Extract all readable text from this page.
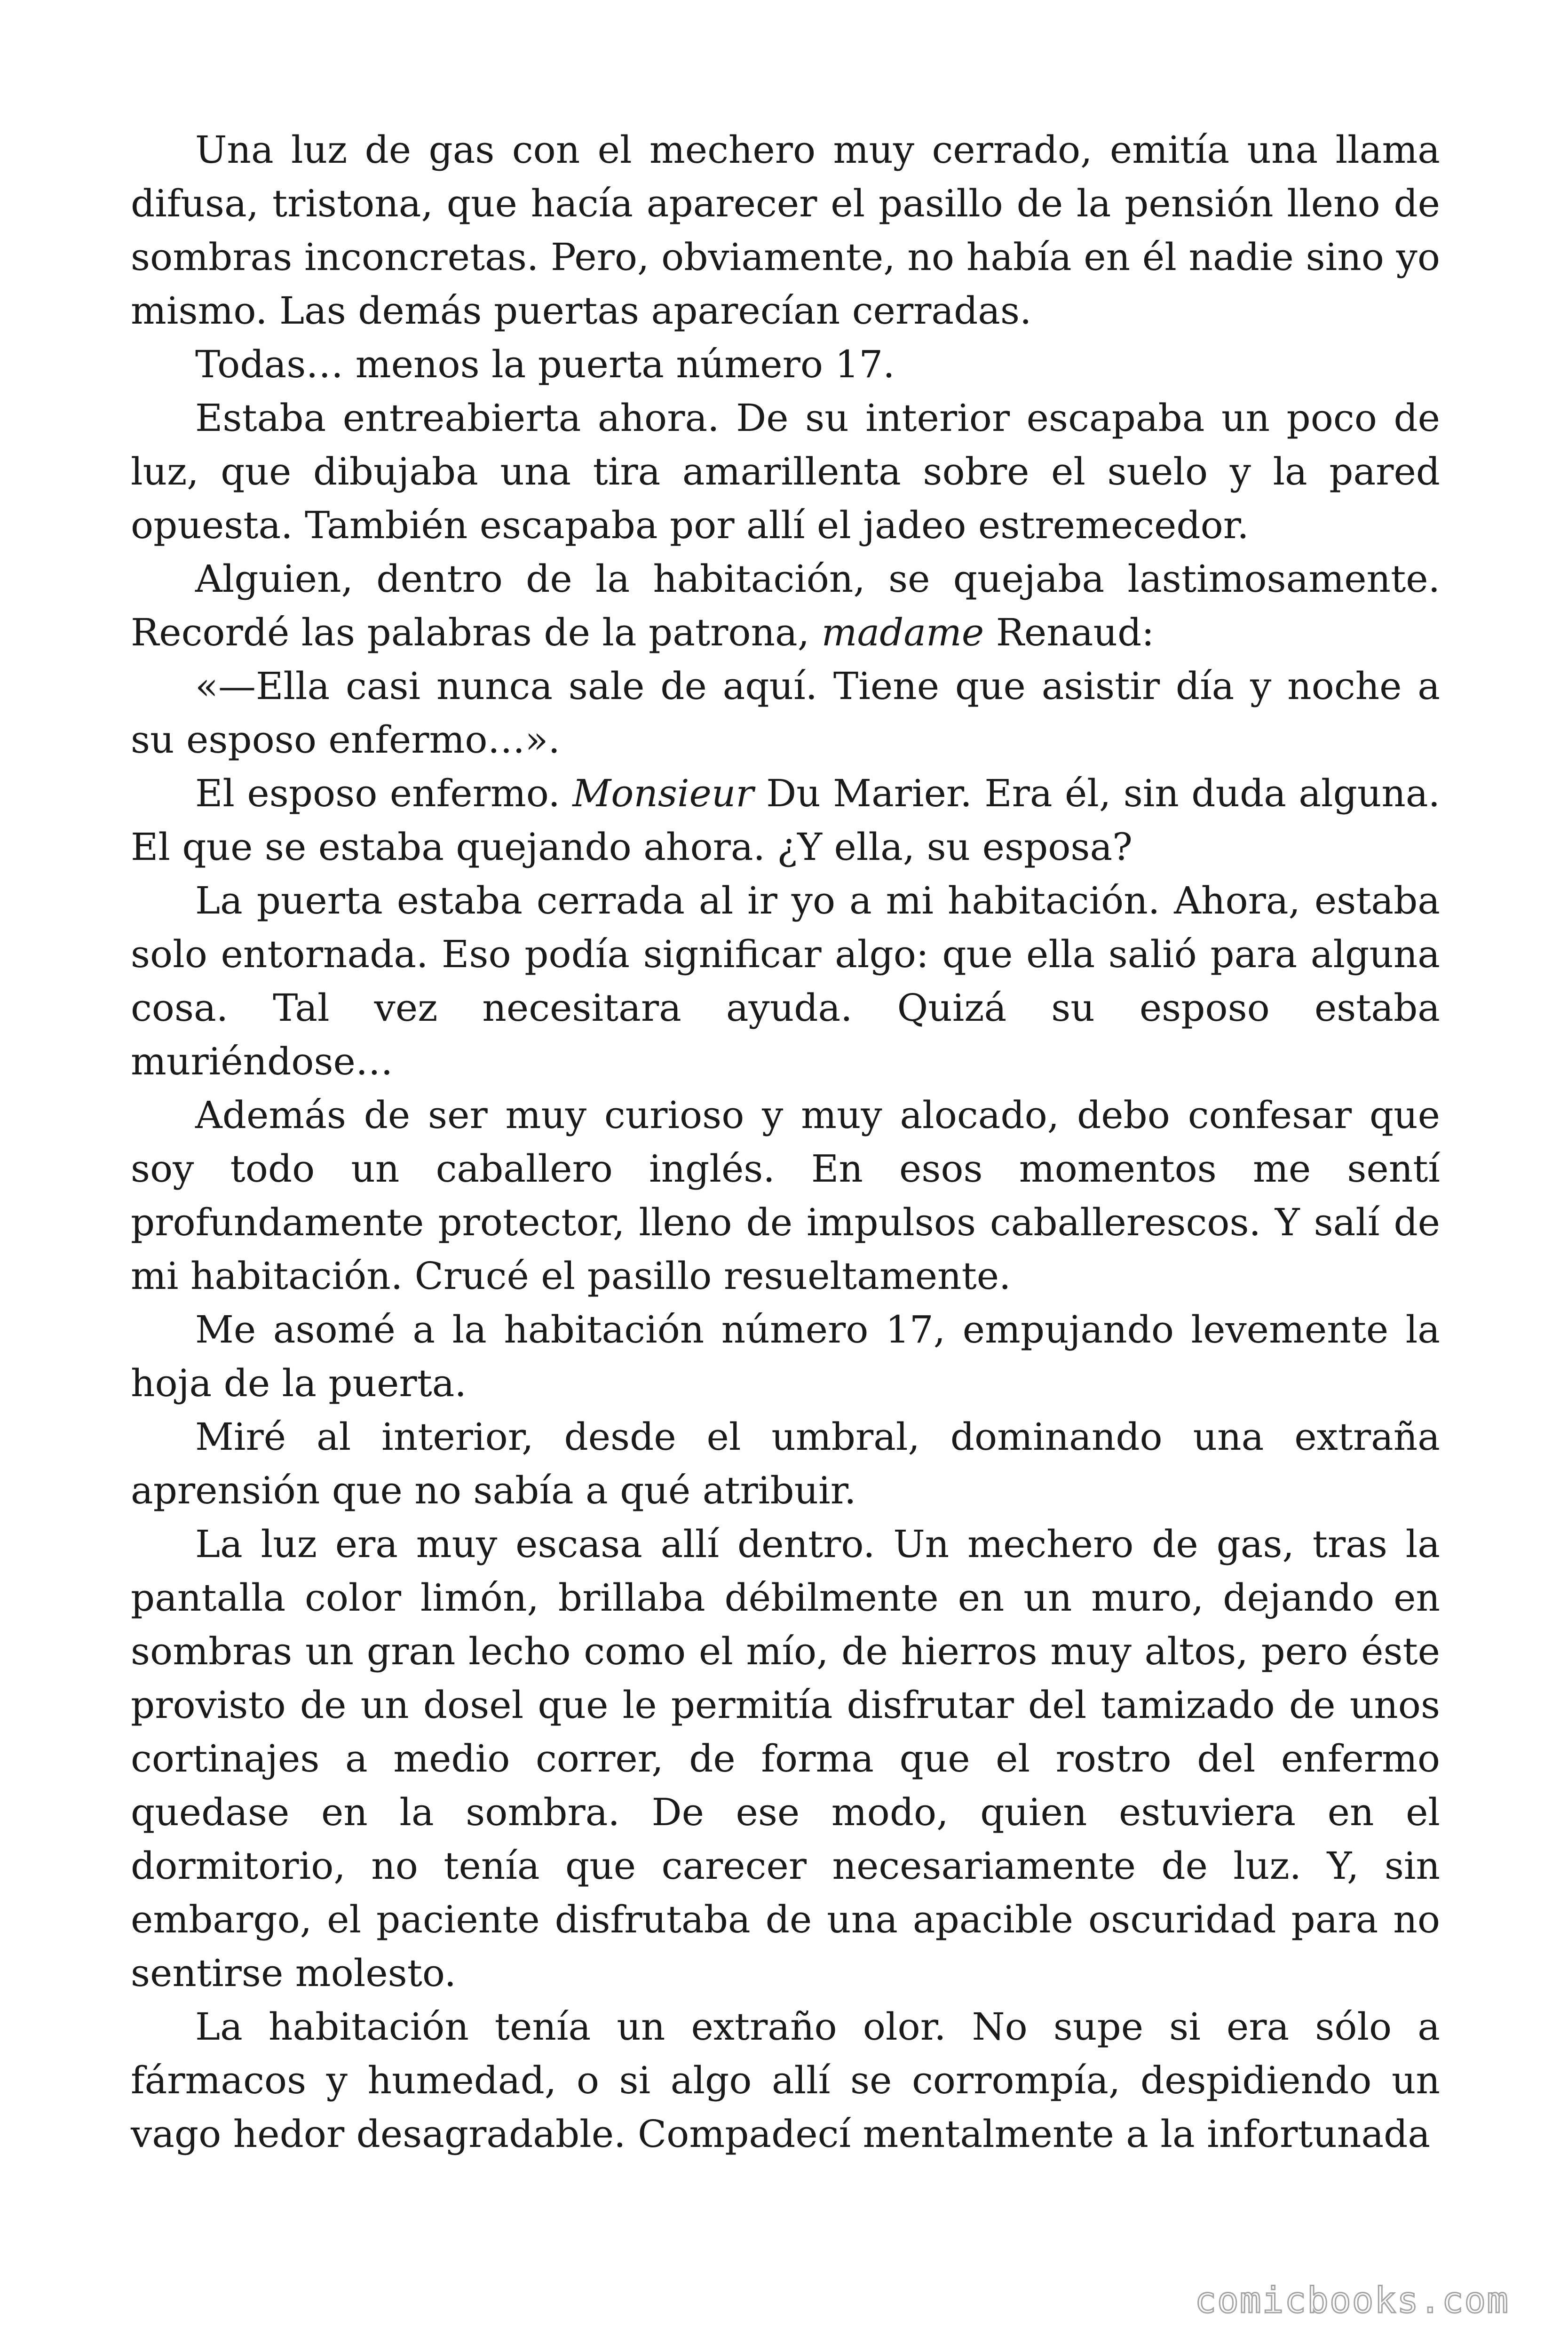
Una luz de gas con el mechero muy cerrado, emitía una llama difusa, tristona, que hacía aparecer el pasillo de la pensión lleno de sombras inconcretas. Pero, obviamente, no había en él nadie sino yo mismo. Las demás puertas aparecían cerradas.

Todas… menos la puerta número 17.

Estaba entreabierta ahora. De su interior escapaba un poco de luz, que dibujaba una tira amarillenta sobre el suelo y la pared opuesta. También escapaba por allí el jadeo estremecedor.

Alguien, dentro de la habitación, se quejaba lastimosamente. Recordé las palabras de la patrona, madame Renaud:

«—Ella casi nunca sale de aquí. Tiene que asistir día y noche a su esposo enfermo…».

El esposo enfermo. Monsieur Du Marier. Era él, sin duda alguna. El que se estaba quejando ahora. ¿Y ella, su esposa?

La puerta estaba cerrada al ir yo a mi habitación. Ahora, estaba solo entornada. Eso podía significar algo: que ella salió para alguna cosa. Tal vez necesitara ayuda. Quizá su esposo estaba muriéndose…

Además de ser muy curioso y muy alocado, debo confesar que soy todo un caballero inglés. En esos momentos me sentí profundamente protector, lleno de impulsos caballerescos. Y salí de mi habitación. Crucé el pasillo resueltamente.

Me asomé a la habitación número 17, empujando levemente la hoja de la puerta.

Miré al interior, desde el umbral, dominando una extraña aprensión que no sabía a qué atribuir.

La luz era muy escasa allí dentro. Un mechero de gas, tras la pantalla color limón, brillaba débilmente en un muro, dejando en sombras un gran lecho como el mío, de hierros muy altos, pero éste provisto de un dosel que le permitía disfrutar del tamizado de unos cortinajes a medio correr, de forma que el rostro del enfermo quedase en la sombra. De ese modo, quien estuviera en el dormitorio, no tenía que carecer necesariamente de luz. Y, sin embargo, el paciente disfrutaba de una apacible oscuridad para no sentirse molesto.

La habitación tenía un extraño olor. No supe si era sólo a fármacos y humedad, o si algo allí se corrompía, despidiendo un vago hedor desagradable. Compadecí mentalmente a la infortunada

comicbooks.com
